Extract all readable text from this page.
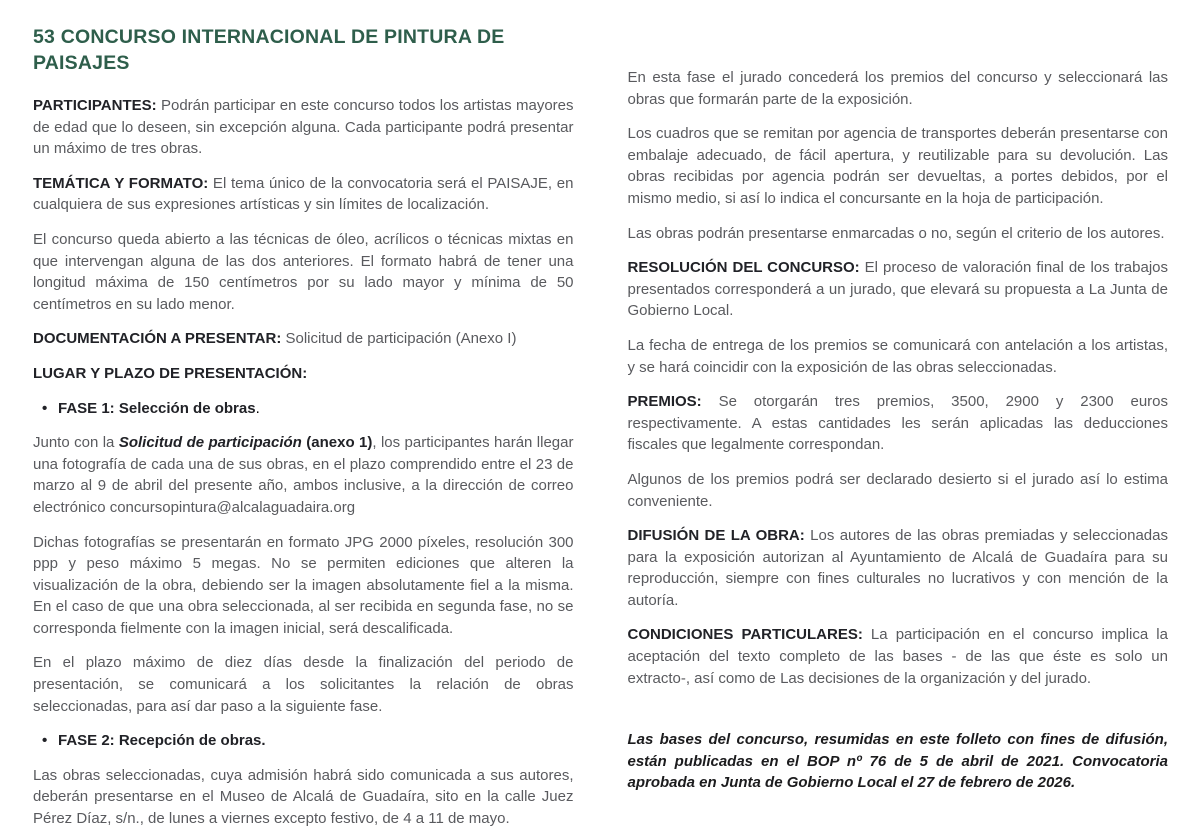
53 CONCURSO INTERNACIONAL DE PINTURA DE PAISAJES

PARTICIPANTES: Podrán participar en este concurso todos los artistas mayores de edad que lo deseen, sin excepción alguna. Cada participante podrá presentar un máximo de tres obras.

TEMÁTICA Y FORMATO: El tema único de la convocatoria será el PAISAJE, en cualquiera de sus expresiones artísticas y sin límites de localización.

El concurso queda abierto a las técnicas de óleo, acrílicos o técnicas mixtas en que intervengan alguna de las dos anteriores. El formato habrá de tener una longitud máxima de 150 centímetros por su lado mayor y mínima de 50 centímetros en su lado menor.

DOCUMENTACIÓN A PRESENTAR: Solicitud de participación (Anexo I)

LUGAR Y PLAZO DE PRESENTACIÓN:

• FASE 1: Selección de obras.

Junto con la Solicitud de participación (anexo 1), los participantes harán llegar una fotografía de cada una de sus obras, en el plazo comprendido entre el 23 de marzo al 9 de abril del presente año, ambos inclusive, a la dirección de correo electrónico concursopintura@alcalaguadaira.org

Dichas fotografías se presentarán en formato JPG 2000 píxeles, resolución 300 ppp y peso máximo 5 megas. No se permiten ediciones que alteren la visualización de la obra, debiendo ser la imagen absolutamente fiel a la misma. En el caso de que una obra seleccionada, al ser recibida en segunda fase, no se corresponda fielmente con la imagen inicial, será descalificada.

En el plazo máximo de diez días desde la finalización del periodo de presentación, se comunicará a los solicitantes la relación de obras seleccionadas, para así dar paso a la siguiente fase.

• FASE 2: Recepción de obras.

Las obras seleccionadas, cuya admisión habrá sido comunicada a sus autores, deberán presentarse en el Museo de Alcalá de Guadaíra, sito en la calle Juez Pérez Díaz, s/n., de lunes a viernes excepto festivo, de 4 a 11 de mayo.

En esta fase el jurado concederá los premios del concurso y seleccionará las obras que formarán parte de la exposición.

Los cuadros que se remitan por agencia de transportes deberán presentarse con embalaje adecuado, de fácil apertura, y reutilizable para su devolución. Las obras recibidas por agencia podrán ser devueltas, a portes debidos, por el mismo medio, si así lo indica el concursante en la hoja de participación.

Las obras podrán presentarse enmarcadas o no, según el criterio de los autores.

RESOLUCIÓN DEL CONCURSO: El proceso de valoración final de los trabajos presentados corresponderá a un jurado, que elevará su propuesta a La Junta de Gobierno Local.

La fecha de entrega de los premios se comunicará con antelación a los artistas, y se hará coincidir con la exposición de las obras seleccionadas.

PREMIOS: Se otorgarán tres premios, 3500, 2900 y 2300 euros respectivamente. A estas cantidades les serán aplicadas las deducciones fiscales que legalmente correspondan.

Algunos de los premios podrá ser declarado desierto si el jurado así lo estima conveniente.

DIFUSIÓN DE LA OBRA: Los autores de las obras premiadas y seleccionadas para la exposición autorizan al Ayuntamiento de Alcalá de Guadaíra para su reproducción, siempre con fines culturales no lucrativos y con mención de la autoría.

CONDICIONES PARTICULARES: La participación en el concurso implica la aceptación del texto completo de las bases - de las que éste es solo un extracto-, así como de Las decisiones de la organización y del jurado.

Las bases del concurso, resumidas en este folleto con fines de difusión, están publicadas en el BOP nº 76 de 5 de abril de 2021. Convocatoria aprobada en Junta de Gobierno Local el 27 de febrero de 2026.
